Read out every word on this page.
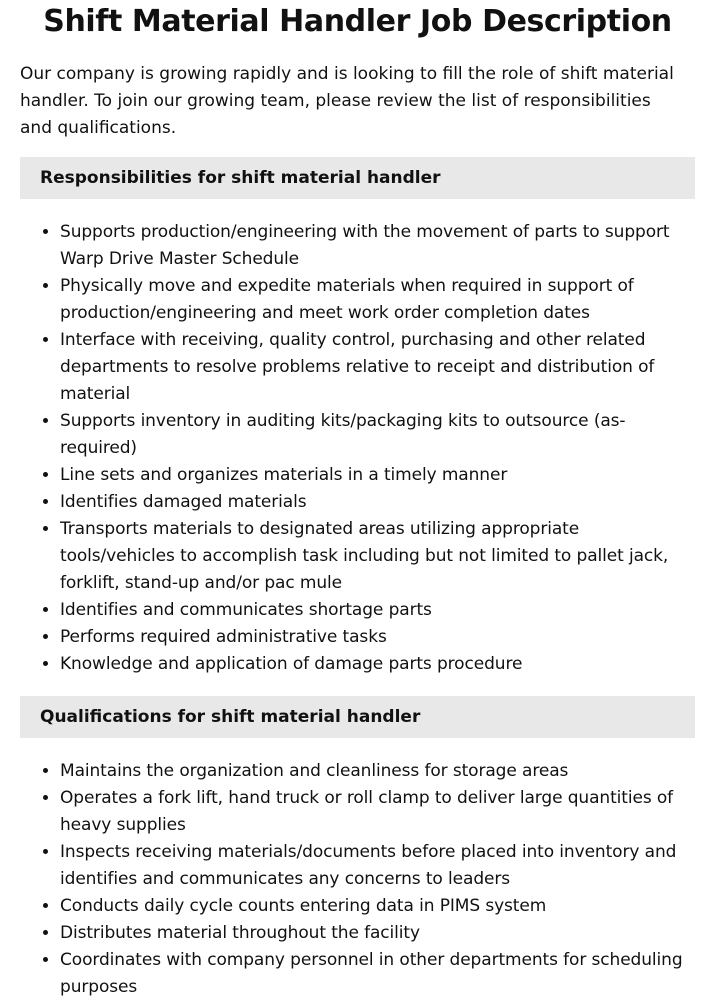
Shift Material Handler Job Description

Our company is growing rapidly and is looking to fill the role of shift material handler. To join our growing team, please review the list of responsibilities and qualifications.

Responsibilities for shift material handler
• Supports production/engineering with the movement of parts to support Warp Drive Master Schedule
• Physically move and expedite materials when required in support of production/engineering and meet work order completion dates
• Interface with receiving, quality control, purchasing and other related departments to resolve problems relative to receipt and distribution of material
• Supports inventory in auditing kits/packaging kits to outsource (as-required)
• Line sets and organizes materials in a timely manner
• Identifies damaged materials
• Transports materials to designated areas utilizing appropriate tools/vehicles to accomplish task including but not limited to pallet jack, forklift, stand-up and/or pac mule
• Identifies and communicates shortage parts
• Performs required administrative tasks
• Knowledge and application of damage parts procedure
Qualifications for shift material handler
• Maintains the organization and cleanliness for storage areas
• Operates a fork lift, hand truck or roll clamp to deliver large quantities of heavy supplies
• Inspects receiving materials/documents before placed into inventory and identifies and communicates any concerns to leaders
• Conducts daily cycle counts entering data in PIMS system
• Distributes material throughout the facility
• Coordinates with company personnel in other departments for scheduling purposes
